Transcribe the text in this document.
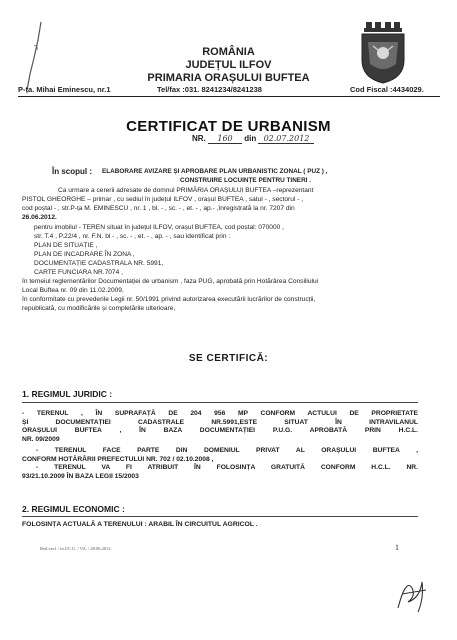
ROMÂNIA
JUDEȚUL ILFOV
PRIMARIA ORAȘULUI BUFTEA
P-ța. Mihai Eminescu, nr.1	Tel/fax :031. 8241234/8241238	Cod Fiscal :4434029.
CERTIFICAT DE URBANISM
NR. 160 din 02.07.2012
În scopul : ELABORARE AVIZARE ȘI APROBARE PLAN URBANISTIC ZONAL ( PUZ ) ,
CONSTRUIRE LOCUINȚE PENTRU TINERI .
Ca urmare a cererii adresate de domnul PRIMĂRIA ORAȘULUI BUFTEA –reprezentant
PISTOL GHEORGHE – primar , cu sediul în județul ILFOV , orașul BUFTEA , satul - , sectorul - ,
cod poștal - , str.P-ța M. EMINESCU , nr. 1 , bl. - , sc. - , et. - , ap.- ,înregistrată la nr. 7207 din
26.06.2012.
pentru imobilul - TEREN situat în județul ILFOV, orașul BUFTEA, cod poștal: 070000 ,
str. T.4 , P.22/4 , nr. F.N. bl - , sc. - , et. - , ap. - , sau identificat prin :
PLAN DE SITUAȚIE ,
PLAN DE INCADRARE ÎN ZONA ,
DOCUMENTAȚIE CADASTRALA NR. 5991,
CARTE FUNCIARA NR.7074 ,
în temeiul reglementărilor Documentației de urbanism , faza PUG, aprobată prin Hotărârea Consiliului
Local Buftea nr. 09 din 11.02.2009,
în conformitate cu prevederile Legii nr. 50/1991 privind autorizarea executării lucrărilor de construcții,
republicată, cu modificările și completările ulterioare,
SE CERTIFICĂ:
1. REGIMUL JURIDIC :
- TERENUL , ÎN SUPRAFAȚĂ DE 204 956 MP CONFORM ACTULUI DE PROPRIETATE
ȘI DOCUMENTAȚIEI CADASTRALE NR.5991,ESTE SITUAT ÎN INTRAVILANUL
ORAȘULUI BUFTEA , ÎN BAZA DOCUMENTAȚIEI P.U.G. APROBATĂ PRIN H.C.L.
NR. 09/2009
- TERENUL FACE PARTE DIN DOMENIUL PRIVAT AL ORAȘULUI BUFTEA ,
CONFORM HOTĂRÂRII PREFECTULUI NR. 702 / 02.10.2008 ,
- TERENUL VA FI ATRIBUIT ÎN FOLOSINȚA GRATUITĂ CONFORM H.C.L. NR.
93/21.10.2009 ÎN BAZA LEGII 15/2003
2. REGIMUL ECONOMIC :
FOLOSINȚA ACTUALĂ A TERENULUI : ARABIL ÎN CIRCUITUL AGRICOL .
Red.ver.l / ex.I/C.U. / VA. / 28.06.2012.	1
